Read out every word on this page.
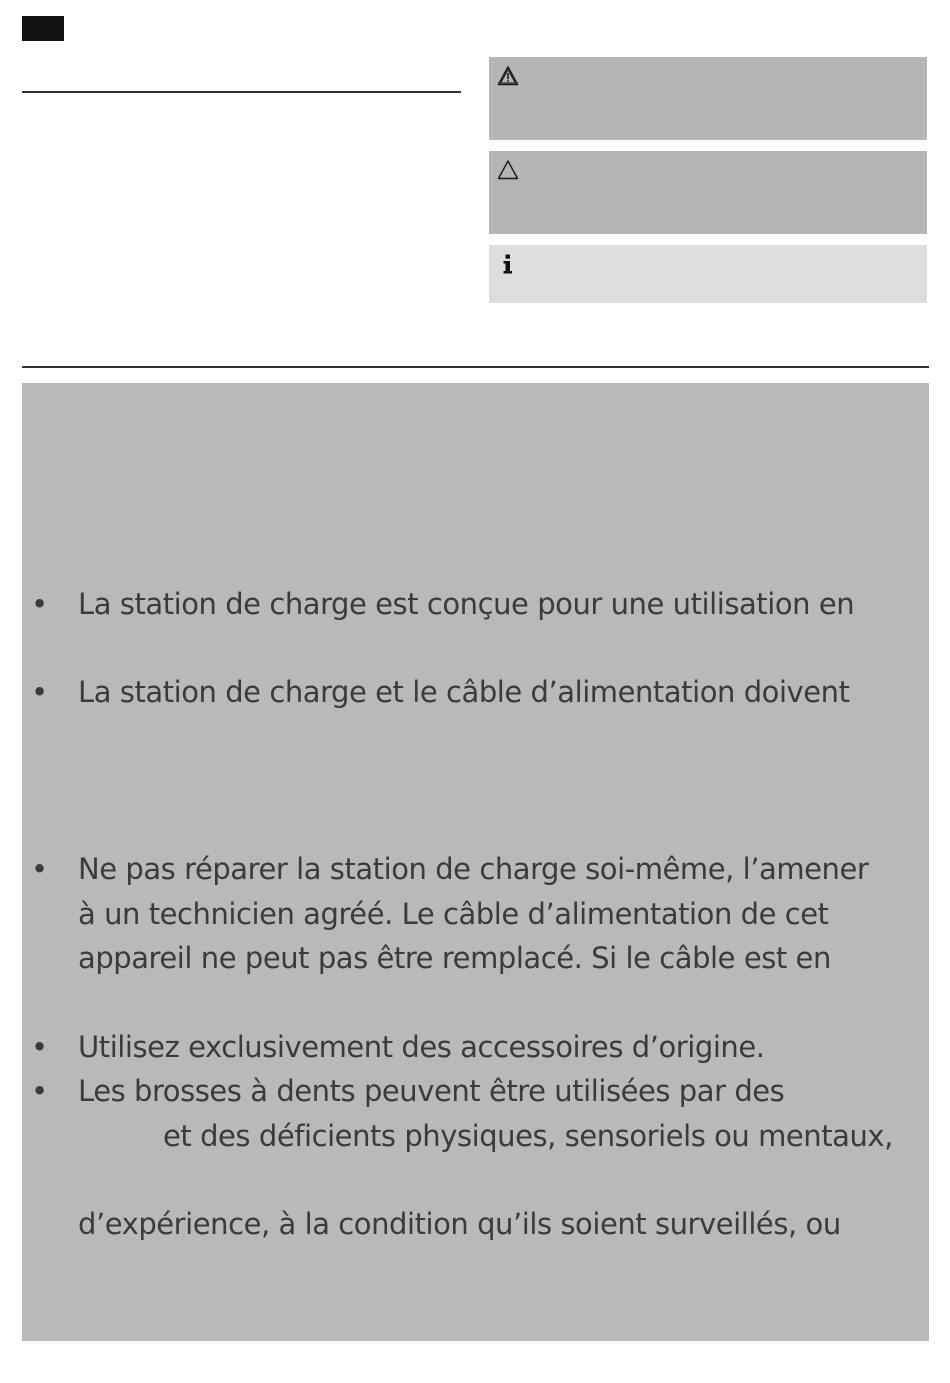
• La station de charge est conçue pour une utilisation en

• La station de charge et le câble d’alimentation doivent

• Ne pas réparer la station de charge soi-même, l’amener

à un technicien agréé. Le câble d’alimentation de cet

appareil ne peut pas être remplacé. Si le câble est en

• Utilisez exclusivement des accessoires d’origine.

• Les brosses à dents peuvent être utilisées par des

et des déficients physiques, sensoriels ou mentaux,

d’expérience, à la condition qu’ils soient surveillés, ou
